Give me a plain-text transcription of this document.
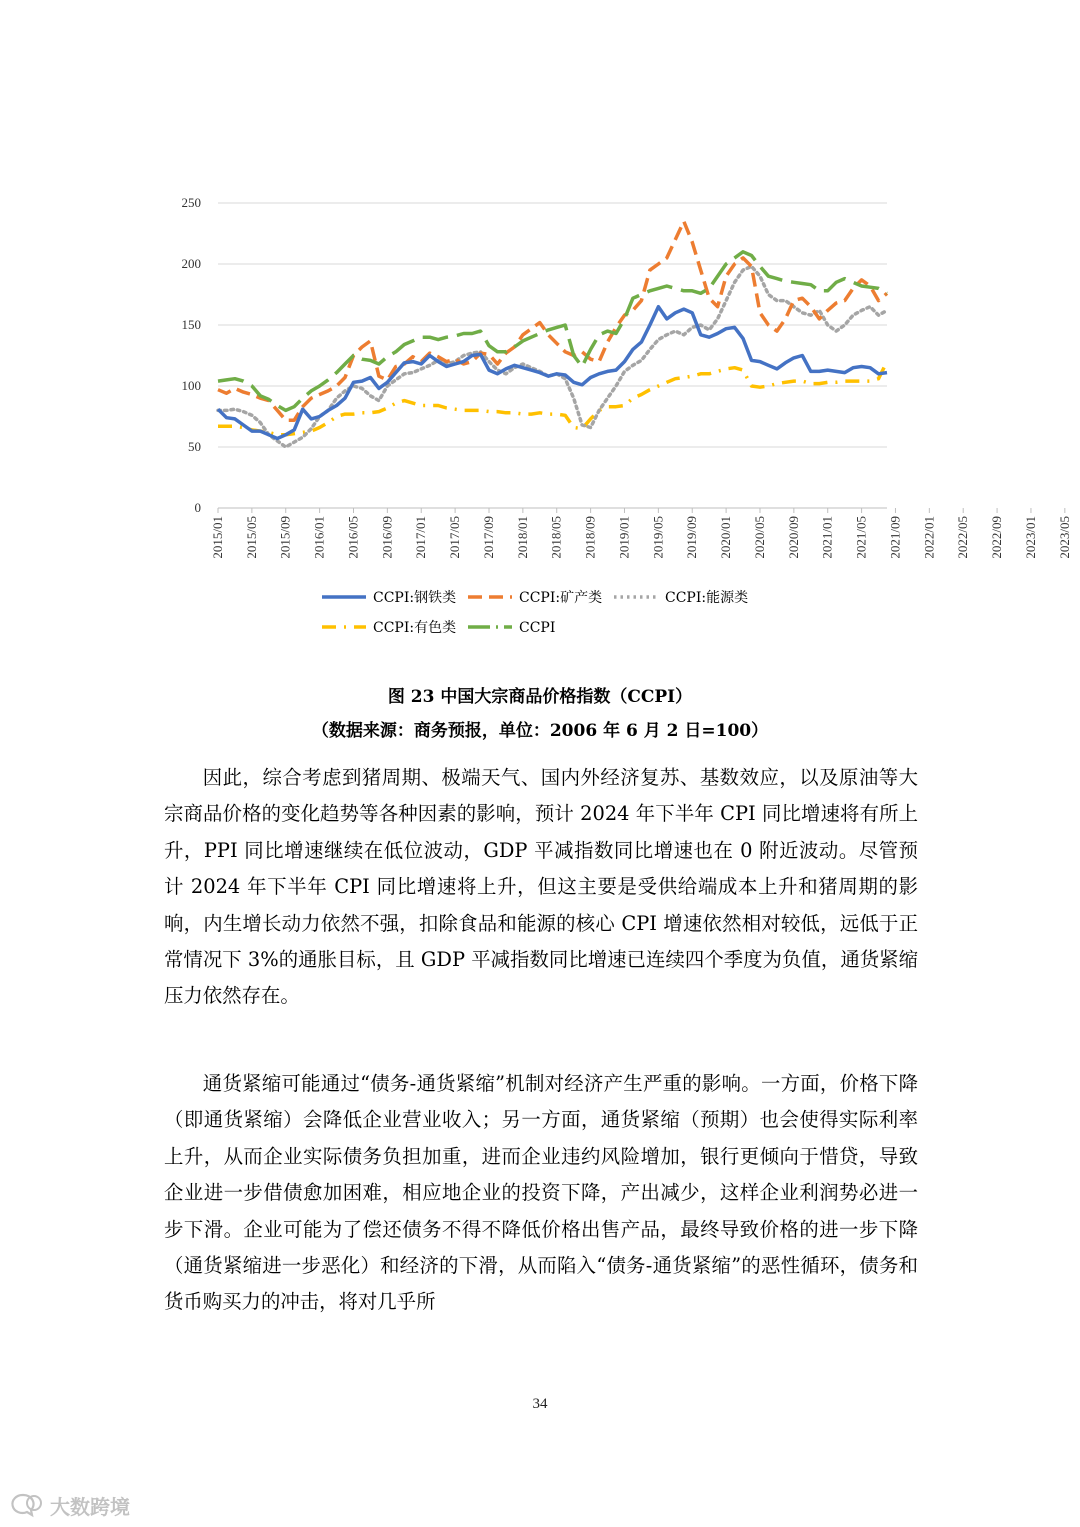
0
50
100
150
200
250
2015/01 2015/05 2015/09 2016/01 2016/05 2016/09 2017/01 2017/05 2017/09 2018/01 2018/05 2018/09 2019/01 2019/05 2019/09 2020/01 2020/05 2020/09 2021/01 2021/05 2021/09 2022/01 2022/05 2022/09 2023/01 2023/05
CCPI:钢铁类	CCPI:矿产类	CCPI:能源类
CCPI:有色类	CCPI
图 23 中国大宗商品价格指数（CCPI）
（数据来源：商务预报，单位：2006 年 6 月 2 日=100）

因此，综合考虑到猪周期、极端天气、国内外经济复苏、基数效应，以及原油等大宗商品价格的变化趋势等各种因素的影响，预计 2024 年下半年 CPI 同比增速将有所上升，PPI 同比增速继续在低位波动，GDP 平减指数同比增速也在 0 附近波动。尽管预计 2024 年下半年 CPI 同比增速将上升，但这主要是受供给端成本上升和猪周期的影响，内生增长动力依然不强，扣除食品和能源的核心 CPI 增速依然相对较低，远低于正常情况下 3%的通胀目标，且 GDP 平减指数同比增速已连续四个季度为负值，通货紧缩压力依然存在。

通货紧缩可能通过“债务-通货紧缩”机制对经济产生严重的影响。一方面，价格下降（即通货紧缩）会降低企业营业收入；另一方面，通货紧缩（预期）也会使得实际利率上升，从而企业实际债务负担加重，进而企业违约风险增加，银行更倾向于惜贷，导致企业进一步借债愈加困难，相应地企业的投资下降，产出减少，这样企业利润势必进一步下滑。企业可能为了偿还债务不得不降低价格出售产品，最终导致价格的进一步下降（通货紧缩进一步恶化）和经济的下滑，从而陷入“债务-通货紧缩”的恶性循环，债务和货币购买力的冲击，将对几乎所

34
大数跨境
